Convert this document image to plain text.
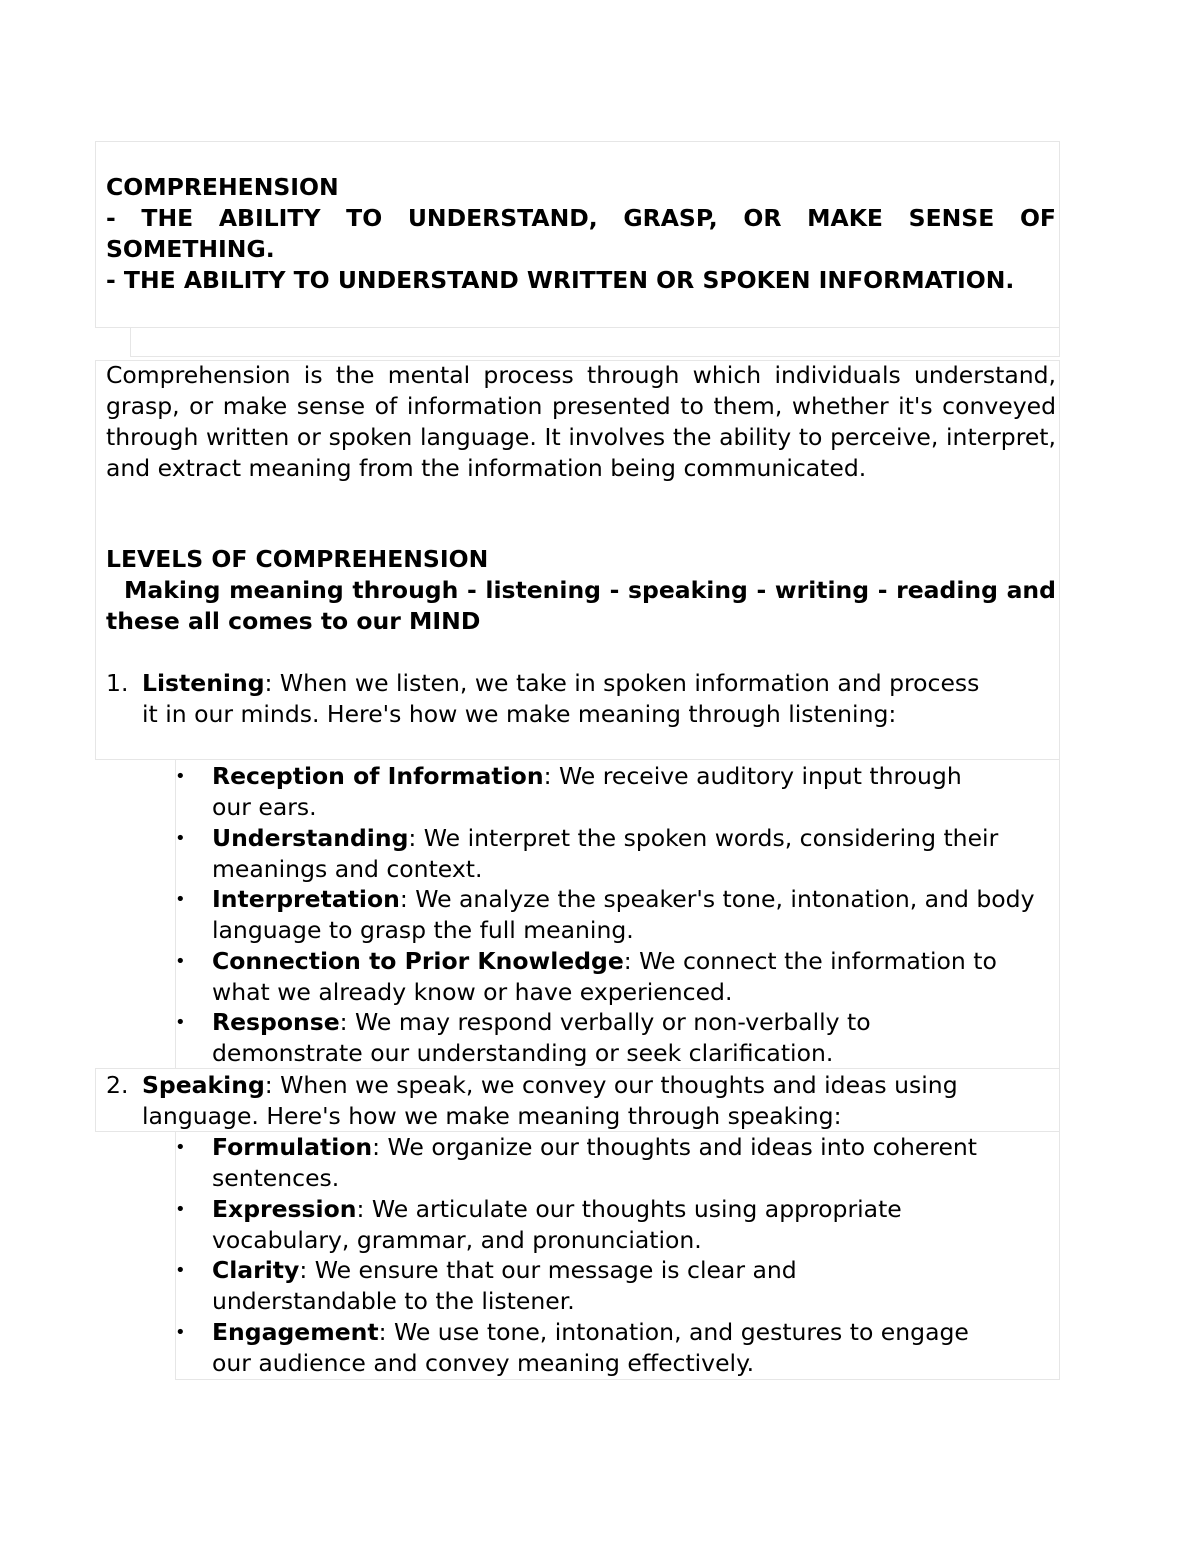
COMPREHENSION

- THE ABILITY TO UNDERSTAND, GRASP, OR MAKE SENSE OF SOMETHING.

- THE ABILITY TO UNDERSTAND WRITTEN OR SPOKEN INFORMATION.

Comprehension is the mental process through which individuals understand, grasp, or make sense of information presented to them, whether it's conveyed through written or spoken language. It involves the ability to perceive, interpret, and extract meaning from the information being communicated.

LEVELS OF COMPREHENSION

Making meaning through - listening - speaking - writing - reading and these all comes to our MIND

1. Listening: When we listen, we take in spoken information and process it in our minds. Here's how we make meaning through listening:

• Reception of Information: We receive auditory input through our ears.

• Understanding: We interpret the spoken words, considering their meanings and context.

• Interpretation: We analyze the speaker's tone, intonation, and body language to grasp the full meaning.

• Connection to Prior Knowledge: We connect the information to what we already know or have experienced.

• Response: We may respond verbally or non-verbally to demonstrate our understanding or seek clarification.

2. Speaking: When we speak, we convey our thoughts and ideas using language. Here's how we make meaning through speaking:

• Formulation: We organize our thoughts and ideas into coherent sentences.

• Expression: We articulate our thoughts using appropriate vocabulary, grammar, and pronunciation.

• Clarity: We ensure that our message is clear and understandable to the listener.

• Engagement: We use tone, intonation, and gestures to engage our audience and convey meaning effectively.
